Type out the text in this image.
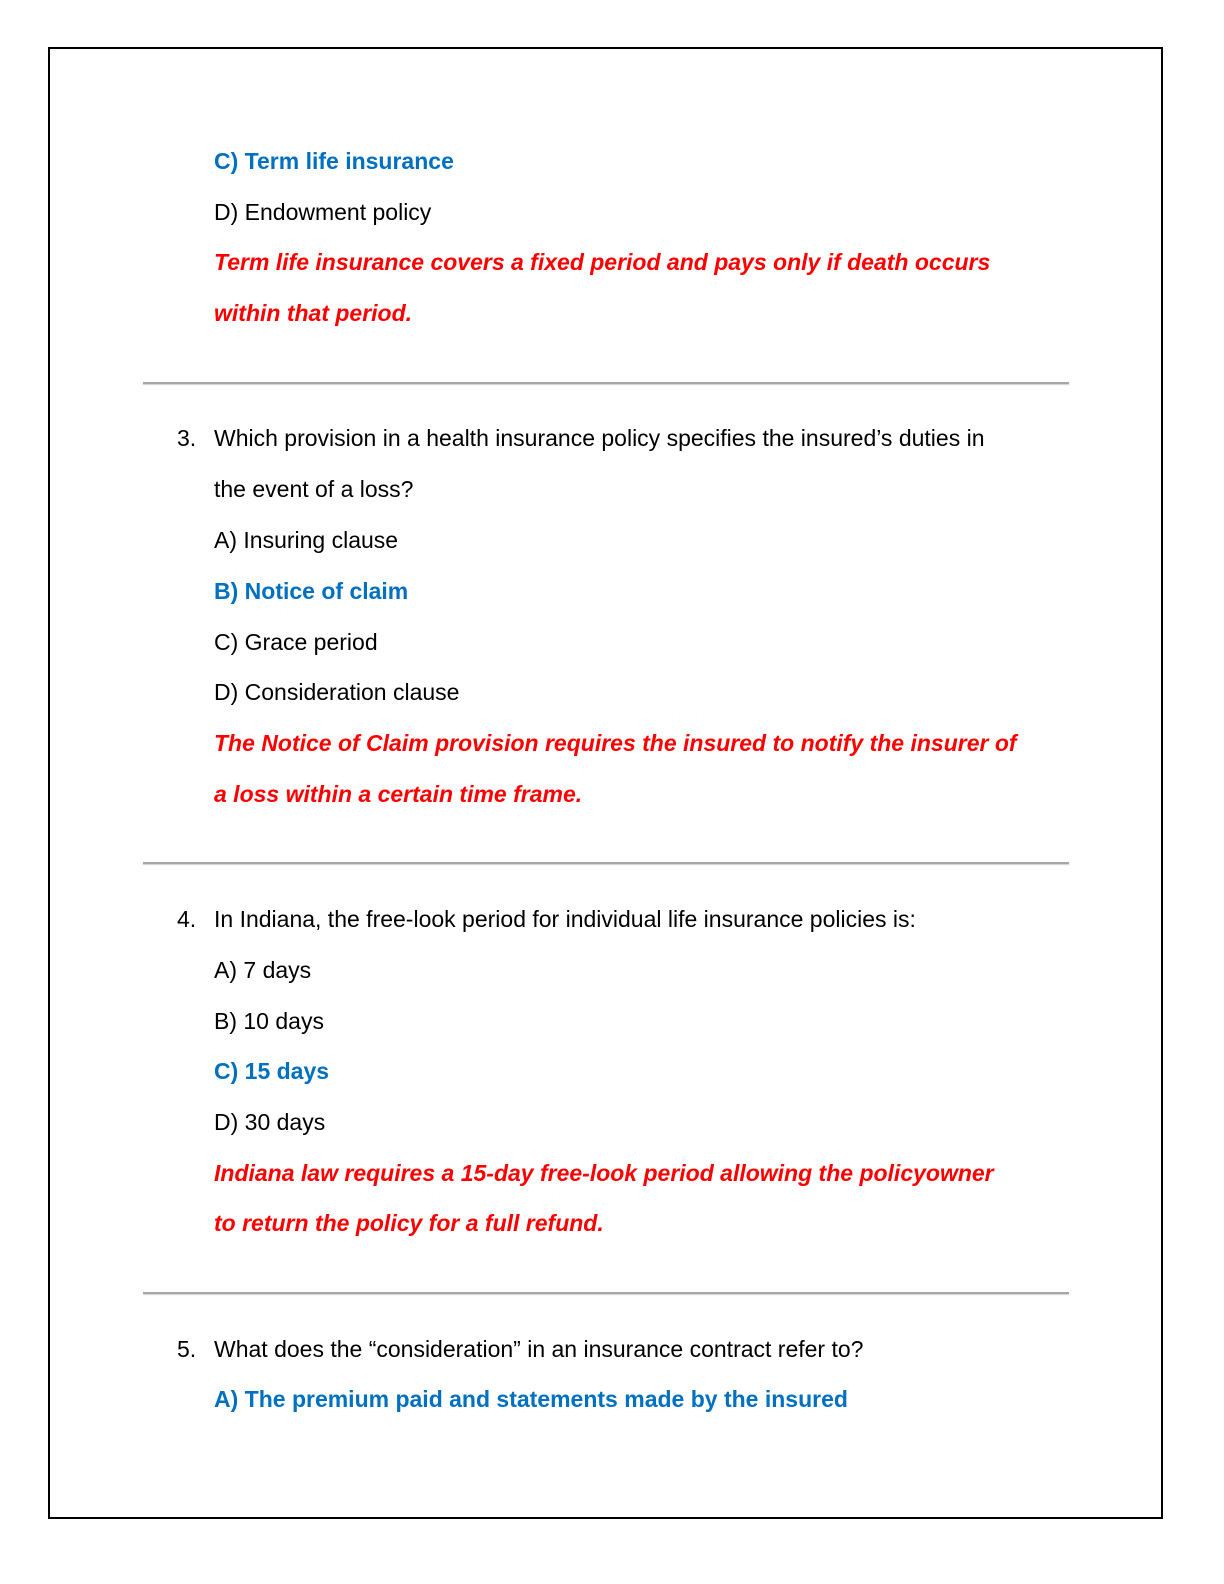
C) Term life insurance
D) Endowment policy
Term life insurance covers a fixed period and pays only if death occurs
within that period.
3. Which provision in a health insurance policy specifies the insured’s duties in
the event of a loss?
A) Insuring clause
B) Notice of claim
C) Grace period
D) Consideration clause
The Notice of Claim provision requires the insured to notify the insurer of
a loss within a certain time frame.
4. In Indiana, the free-look period for individual life insurance policies is:
A) 7 days
B) 10 days
C) 15 days
D) 30 days
Indiana law requires a 15-day free-look period allowing the policyowner
to return the policy for a full refund.
5. What does the “consideration” in an insurance contract refer to?
A) The premium paid and statements made by the insured
